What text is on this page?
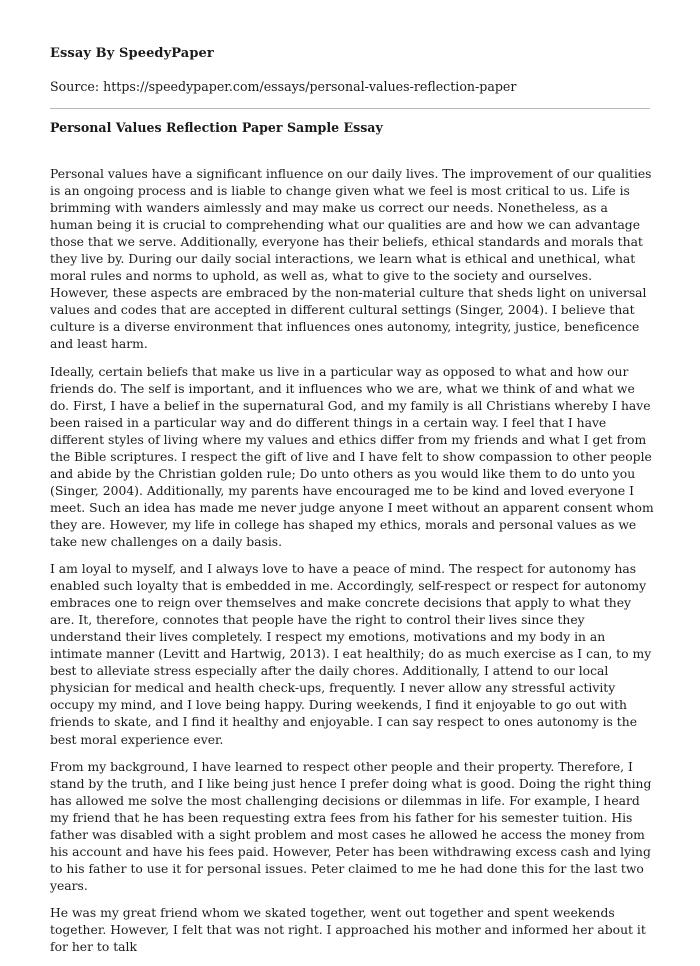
Essay By SpeedyPaper
Source: https://speedypaper.com/essays/personal-values-reflection-paper
Personal Values Reflection Paper Sample Essay

Personal values have a significant influence on our daily lives. The improvement of our qualities is an ongoing process and is liable to change given what we feel is most critical to us. Life is brimming with wanders aimlessly and may make us correct our needs. Nonetheless, as a human being it is crucial to comprehending what our qualities are and how we can advantage those that we serve. Additionally, everyone has their beliefs, ethical standards and morals that they live by. During our daily social interactions, we learn what is ethical and unethical, what moral rules and norms to uphold, as well as, what to give to the society and ourselves. However, these aspects are embraced by the non-material culture that sheds light on universal values and codes that are accepted in different cultural settings (Singer, 2004). I believe that culture is a diverse environment that influences ones autonomy, integrity, justice, beneficence and least harm.

Ideally, certain beliefs that make us live in a particular way as opposed to what and how our friends do. The self is important, and it influences who we are, what we think of and what we do. First, I have a belief in the supernatural God, and my family is all Christians whereby I have been raised in a particular way and do different things in a certain way. I feel that I have different styles of living where my values and ethics differ from my friends and what I get from the Bible scriptures. I respect the gift of live and I have felt to show compassion to other people and abide by the Christian golden rule; Do unto others as you would like them to do unto you (Singer, 2004). Additionally, my parents have encouraged me to be kind and loved everyone I meet. Such an idea has made me never judge anyone I meet without an apparent consent whom they are. However, my life in college has shaped my ethics, morals and personal values as we take new challenges on a daily basis.

I am loyal to myself, and I always love to have a peace of mind. The respect for autonomy has enabled such loyalty that is embedded in me. Accordingly, self-respect or respect for autonomy embraces one to reign over themselves and make concrete decisions that apply to what they are. It, therefore, connotes that people have the right to control their lives since they understand their lives completely. I respect my emotions, motivations and my body in an intimate manner (Levitt and Hartwig, 2013). I eat healthily; do as much exercise as I can, to my best to alleviate stress especially after the daily chores. Additionally, I attend to our local physician for medical and health check-ups, frequently. I never allow any stressful activity occupy my mind, and I love being happy. During weekends, I find it enjoyable to go out with friends to skate, and I find it healthy and enjoyable. I can say respect to ones autonomy is the best moral experience ever.

From my background, I have learned to respect other people and their property. Therefore, I stand by the truth, and I like being just hence I prefer doing what is good. Doing the right thing has allowed me solve the most challenging decisions or dilemmas in life. For example, I heard my friend that he has been requesting extra fees from his father for his semester tuition. His father was disabled with a sight problem and most cases he allowed he access the money from his account and have his fees paid. However, Peter has been withdrawing excess cash and lying to his father to use it for personal issues. Peter claimed to me he had done this for the last two years.

He was my great friend whom we skated together, went out together and spent weekends together. However, I felt that was not right. I approached his mother and informed her about it for her to talk
